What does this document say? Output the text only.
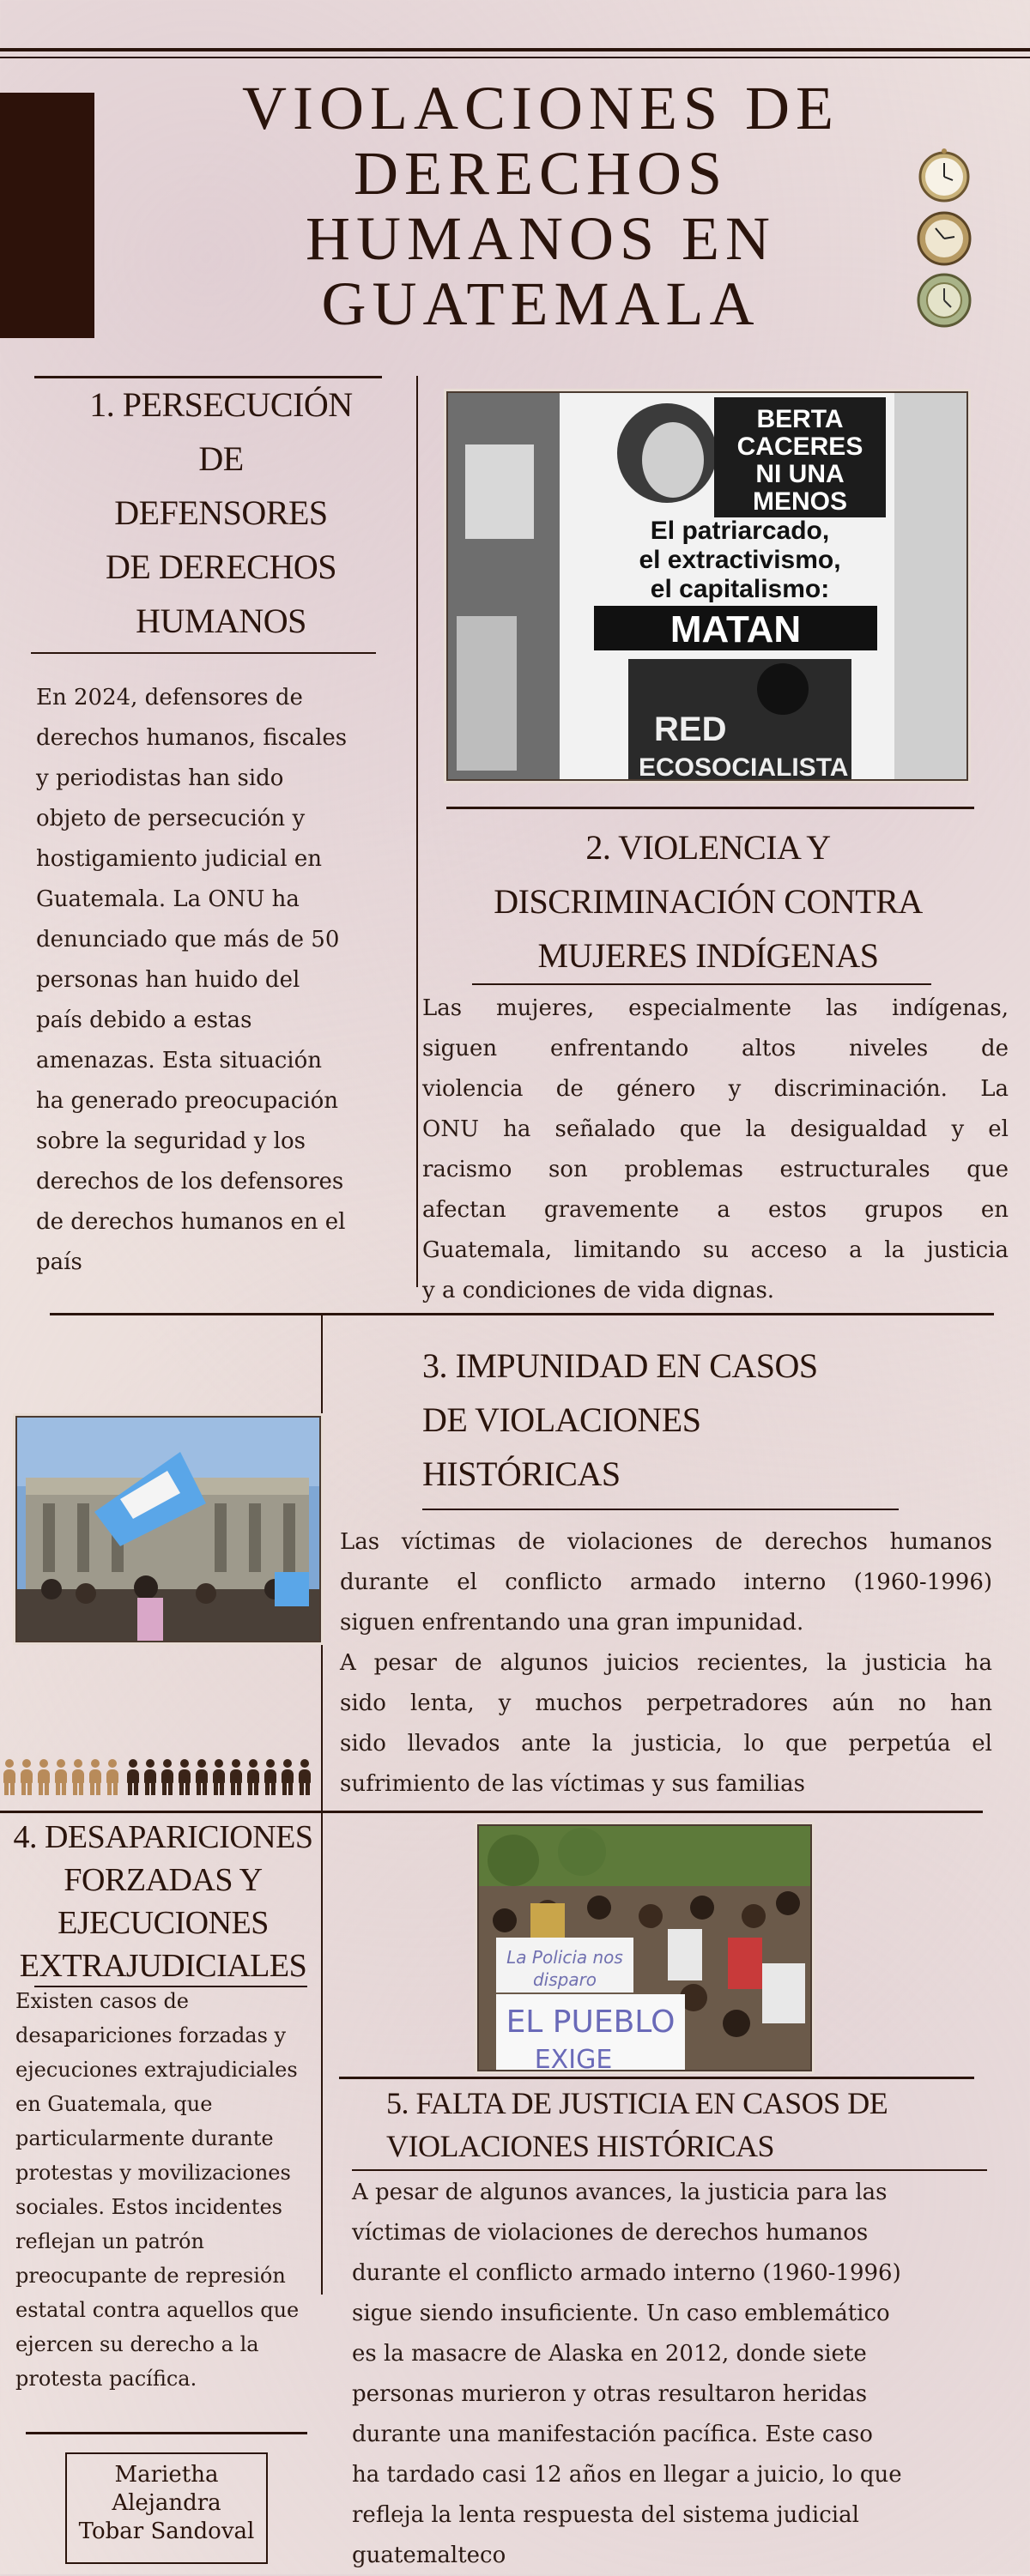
VIOLACIONES DE
DERECHOS
HUMANOS EN
GUATEMALA
1. PERSECUCIÓN
DE
DEFENSORES
DE DERECHOS
HUMANOS
En 2024, defensores de
derechos humanos, fiscales
y periodistas han sido
objeto de persecución y
hostigamiento judicial en
Guatemala. La ONU ha
denunciado que más de 50
personas han huido del
país debido a estas
amenazas. Esta situación
ha generado preocupación
sobre la seguridad y los
derechos de los defensores
de derechos humanos en el
país
BERTA
CACERES
NI UNA
MENOS
El patriarcado,
el extractivismo,
el capitalismo:
MATAN
RED
ECOSOCIALISTA
2. VIOLENCIA Y
DISCRIMINACIÓN CONTRA
MUJERES INDÍGENAS
Las mujeres, especialmente las indígenas,
siguen enfrentando altos niveles de
violencia de género y discriminación. La
ONU ha señalado que la desigualdad y el
racismo son problemas estructurales que
afectan gravemente a estos grupos en
Guatemala, limitando su acceso a la justicia
y a condiciones de vida dignas.
3. IMPUNIDAD EN CASOS
DE VIOLACIONES
HISTÓRICAS
Las víctimas de violaciones de derechos humanos
durante el conflicto armado interno (1960-1996)
siguen enfrentando una gran impunidad.
A pesar de algunos juicios recientes, la justicia ha
sido lenta, y muchos perpetradores aún no han
sido llevados ante la justicia, lo que perpetúa el
sufrimiento de las víctimas y sus familias
4. DESAPARICIONES
FORZADAS Y
EJECUCIONES
EXTRAJUDICIALES
Existen casos de
desapariciones forzadas y
ejecuciones extrajudiciales
en Guatemala, que
particularmente durante
protestas y movilizaciones
sociales. Estos incidentes
reflejan un patrón
preocupante de represión
estatal contra aquellos que
ejercen su derecho a la
protesta pacífica.
La Policia nos
disparo
EL PUEBLO
EXIGE
5. FALTA DE JUSTICIA EN CASOS DE
VIOLACIONES HISTÓRICAS
A pesar de algunos avances, la justicia para las
víctimas de violaciones de derechos humanos
durante el conflicto armado interno (1960-1996)
sigue siendo insuficiente. Un caso emblemático
es la masacre de Alaska en 2012, donde siete
personas murieron y otras resultaron heridas
durante una manifestación pacífica. Este caso
ha tardado casi 12 años en llegar a juicio, lo que
refleja la lenta respuesta del sistema judicial
guatemalteco
Marietha
Alejandra
Tobar Sandoval
